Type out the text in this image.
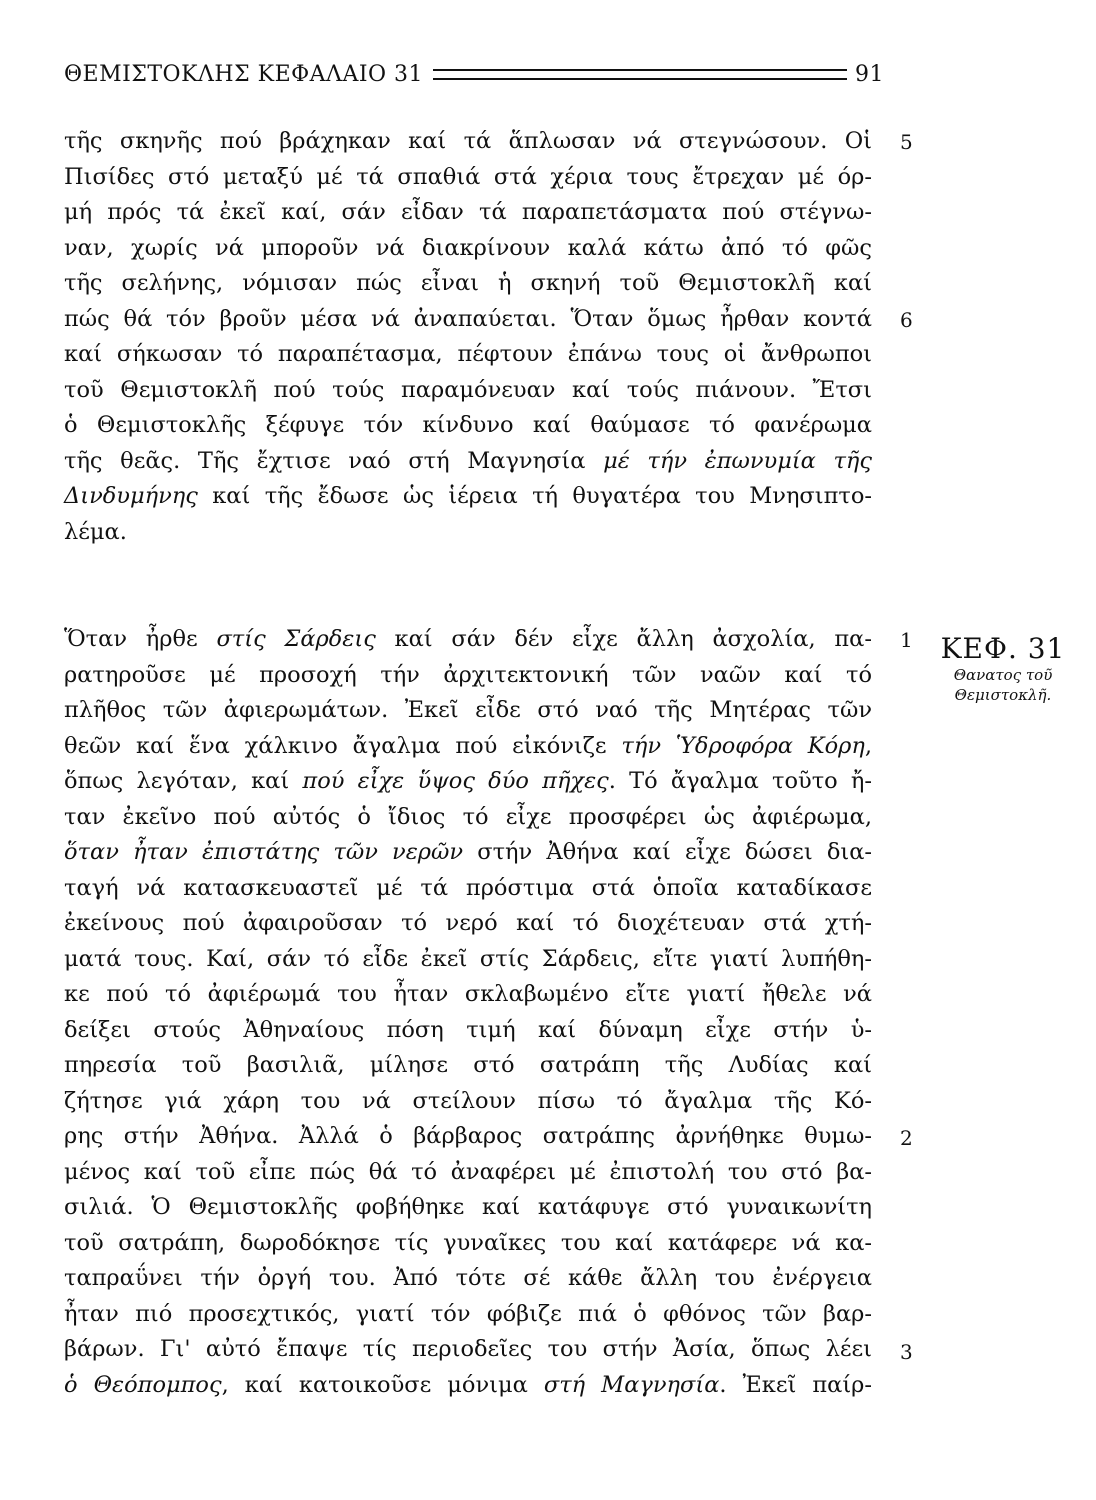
ΘΕΜΙΣΤΟΚΛΗΣ ΚΕΦΑΛΑΙΟ 31	91
τῆς σκηνῆς πού βράχηκαν καί τά ἅπλωσαν νά στεγνώσουν. Οἱ
Πισίδες στό μεταξύ μέ τά σπαθιά στά χέρια τους ἔτρεχαν μέ όρ-
μή πρός τά ἐκεῖ καί, σάν εἶδαν τά παραπετάσματα πού στέγνω-
ναν, χωρίς νά μποροῦν νά διακρίνουν καλά κάτω ἀπό τό φῶς
τῆς σελήνης, νόμισαν πώς εἶναι ἡ σκηνή τοῦ Θεμιστοκλῆ καί
πώς θά τόν βροῦν μέσα νά ἀναπαύεται. Ὅταν ὅμως ἦρθαν κοντά
καί σήκωσαν τό παραπέτασμα, πέφτουν ἐπάνω τους οἱ ἄνθρωποι
τοῦ Θεμιστοκλῆ πού τούς παραμόνευαν καί τούς πιάνουν. Ἔτσι
ὁ Θεμιστοκλῆς ξέφυγε τόν κίνδυνο καί θαύμασε τό φανέρωμα
τῆς θεᾶς. Τῆς ἔχτισε ναό στή Μαγνησία μέ τήν ἐπωνυμία τῆς
Δινδυμήνης καί τῆς ἔδωσε ὡς ἱέρεια τή θυγατέρα του Μνησιπτο-
λέμα.
Ὅταν ἦρθε στίς Σάρδεις καί σάν δέν εἶχε ἄλλη ἀσχολία, πα-
ρατηροῦσε μέ προσοχή τήν ἀρχιτεκτονική τῶν ναῶν καί τό
πλῆθος τῶν ἀφιερωμάτων. Ἐκεῖ εἶδε στό ναό τῆς Μητέρας τῶν
θεῶν καί ἕνα χάλκινο ἄγαλμα πού εἰκόνιζε τήν Ὑδροφόρα Κόρη,
ὅπως λεγόταν, καί πού εἶχε ὕψος δύο πῆχες. Τό ἄγαλμα τοῦτο ἤ-
ταν ἐκεῖνο πού αὐτός ὁ ἴδιος τό εἶχε προσφέρει ὡς ἀφιέρωμα,
ὅταν ἦταν ἐπιστάτης τῶν νερῶν στήν Ἀθήνα καί εἶχε δώσει δια-
ταγή νά κατασκευαστεῖ μέ τά πρόστιμα στά ὁποῖα καταδίκασε
ἐκείνους πού ἀφαιροῦσαν τό νερό καί τό διοχέτευαν στά χτή-
ματά τους. Καί, σάν τό εἶδε ἐκεῖ στίς Σάρδεις, εἴτε γιατί λυπήθη-
κε πού τό ἀφιέρωμά του ἦταν σκλαβωμένο εἴτε γιατί ἤθελε νά
δείξει στούς Ἀθηναίους πόση τιμή καί δύναμη εἶχε στήν ὑ-
πηρεσία τοῦ βασιλιᾶ, μίλησε στό σατράπη τῆς Λυδίας καί
ζήτησε γιά χάρη του νά στείλουν πίσω τό ἄγαλμα τῆς Κό-
ρης στήν Ἀθήνα. Ἀλλά ὁ βάρβαρος σατράπης ἀρνήθηκε θυμω-
μένος καί τοῦ εἶπε πώς θά τό ἀναφέρει μέ ἐπιστολή του στό βα-
σιλιά. Ὁ Θεμιστοκλῆς φοβήθηκε καί κατάφυγε στό γυναικωνίτη
τοῦ σατράπη, δωροδόκησε τίς γυναῖκες του καί κατάφερε νά κα-
ταπραΰνει τήν ὀργή του. Ἀπό τότε σέ κάθε ἄλλη του ἐνέργεια
ἦταν πιό προσεχτικός, γιατί τόν φόβιζε πιά ὁ φθόνος τῶν βαρ-
βάρων. Γι' αὐτό ἔπαψε τίς περιοδεῖες του στήν Ἀσία, ὅπως λέει
ὁ Θεόπομπος, καί κατοικοῦσε μόνιμα στή Μαγνησία. Ἐκεῖ παίρ-
5
6
1
2
3
ΚΕΦ. 31
Θανατος τοῦ
Θεμιστοκλῆ.
